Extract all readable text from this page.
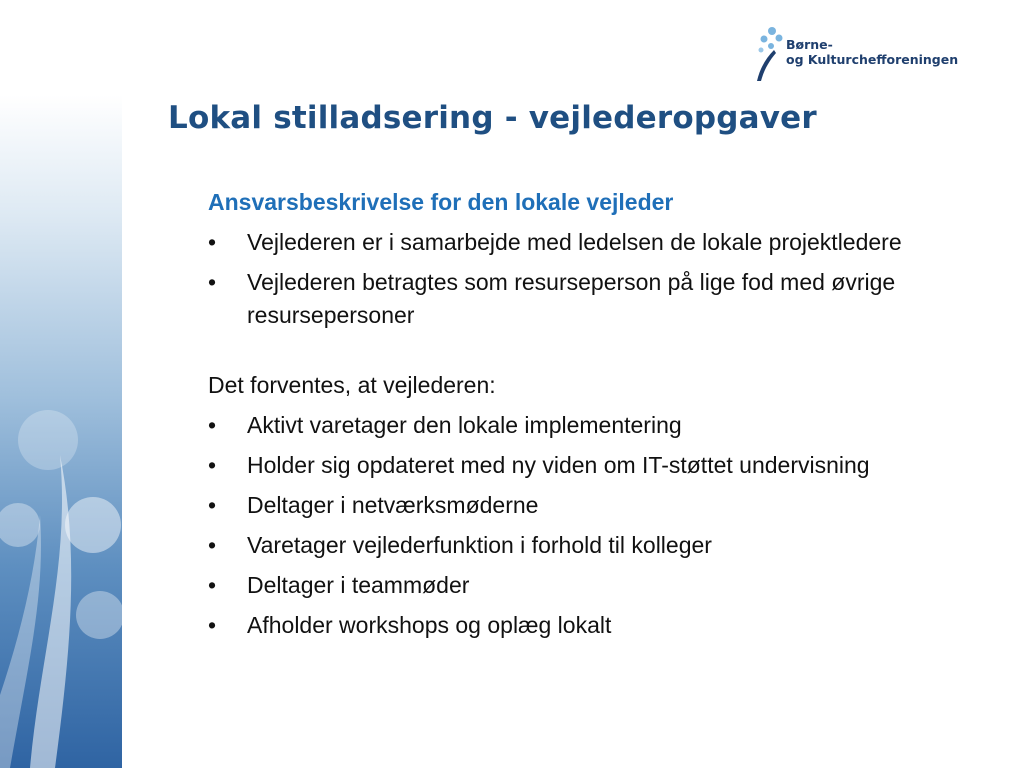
Børne-
og Kulturchefforeningen
Lokal stilladsering - vejlederopgaver
Ansvarsbeskrivelse for den lokale vejleder
•	Vejlederen er i samarbejde med ledelsen de lokale projektledere
•	Vejlederen betragtes som resurseperson på lige fod med øvrige resursepersoner
Det forventes, at vejlederen:
•	Aktivt varetager den lokale implementering
•	Holder sig opdateret med ny viden om IT-støttet undervisning
•	Deltager i netværksmøderne
•	Varetager vejlederfunktion i forhold til kolleger
•	Deltager i teammøder
•	Afholder workshops og oplæg lokalt
